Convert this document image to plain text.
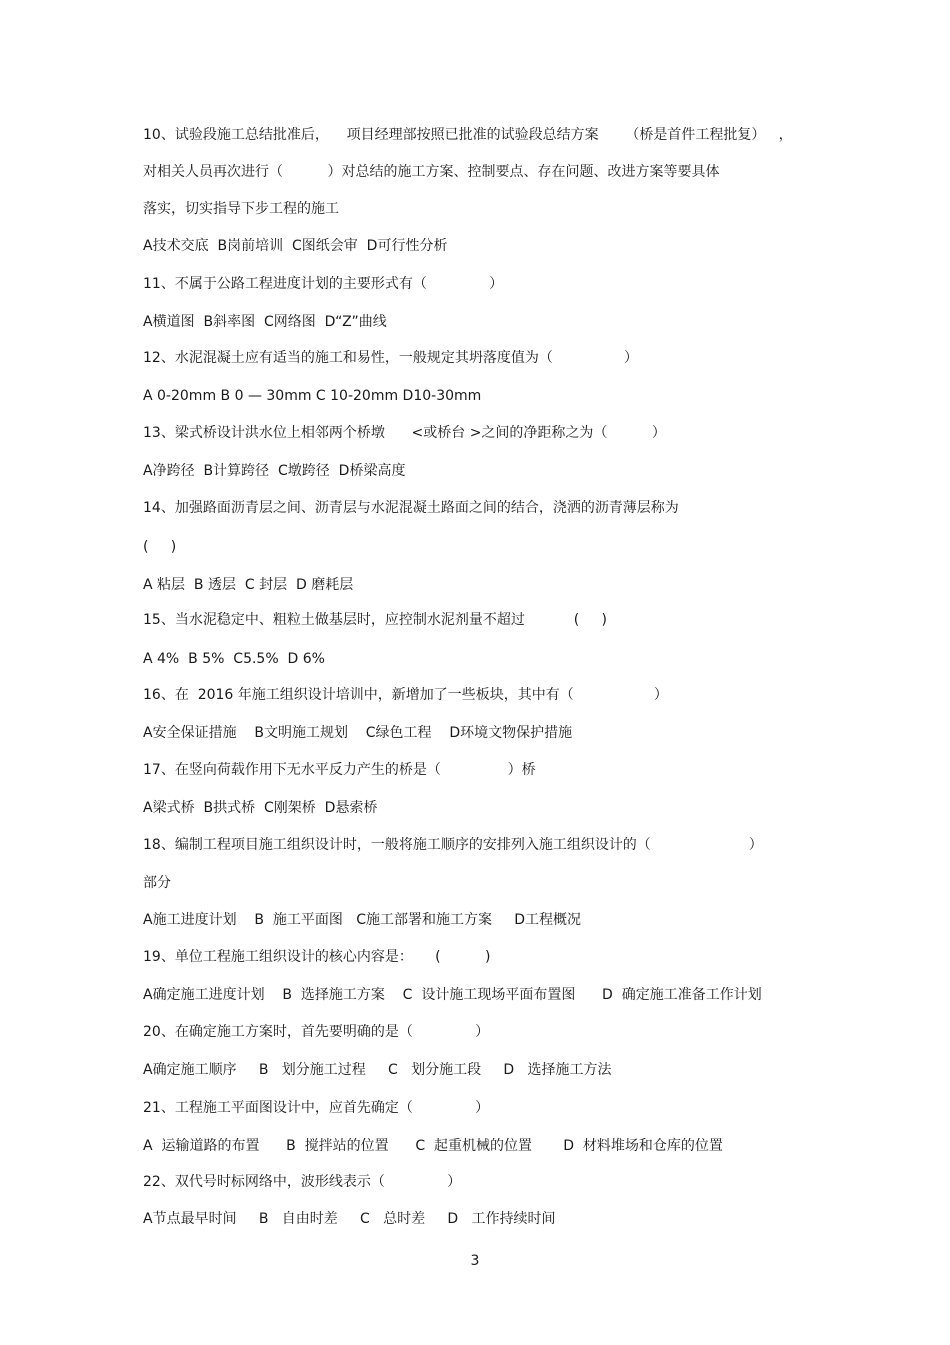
10、试验段施工总结批准后，    项目经理部按照已批准的试验段总结方案      （桥是首件工程批复）   ，
对相关人员再次进行（          ）对总结的施工方案、控制要点、存在问题、改进方案等要具体
落实，切实指导下步工程的施工
A技术交底  B岗前培训  C图纸会审  D可行性分析
11、不属于公路工程进度计划的主要形式有（              ）
A横道图  B斜率图  C网络图  D“Z”曲线
12、水泥混凝土应有适当的施工和易性，一般规定其坍落度值为（                ）
A 0-20mm B 0 — 30mm C 10-20mm D10-30mm
13、梁式桥设计洪水位上相邻两个桥墩      <或桥台 >之间的净距称之为（          ）
A净跨径  B计算跨径  C墩跨径  D桥梁高度
14、加强路面沥青层之间、沥青层与水泥混凝土路面之间的结合，浇洒的沥青薄层称为
(     )
A 粘层  B 透层  C 封层  D 磨耗层
15、当水泥稳定中、粗粒土做基层时，应控制水泥剂量不超过           (     )
A 4%  B 5%  C5.5%  D 6%
16、在  2016 年施工组织设计培训中，新增加了一些板块，其中有（                  ）
A安全保证措施    B文明施工规划    C绿色工程    D环境文物保护措施
17、在竖向荷载作用下无水平反力产生的桥是（               ）桥
A梁式桥  B拱式桥  C刚架桥  D悬索桥
18、编制工程项目施工组织设计时，一般将施工顺序的安排列入施工组织设计的（                      ）
部分
A施工进度计划    B  施工平面图   C施工部署和施工方案     D工程概况
19、单位工程施工组织设计的核心内容是：     (          )
A确定施工进度计划    B  选择施工方案    C  设计施工现场平面布置图      D  确定施工准备工作计划
20、在确定施工方案时，首先要明确的是（              ）
A确定施工顺序     B   划分施工过程     C   划分施工段     D   选择施工方法
21、工程施工平面图设计中，应首先确定（              ）
A  运输道路的布置      B  搅拌站的位置      C  起重机械的位置       D  材料堆场和仓库的位置
22、双代号时标网络中，波形线表示（              ）
A节点最早时间     B   自由时差     C   总时差     D   工作持续时间
3
